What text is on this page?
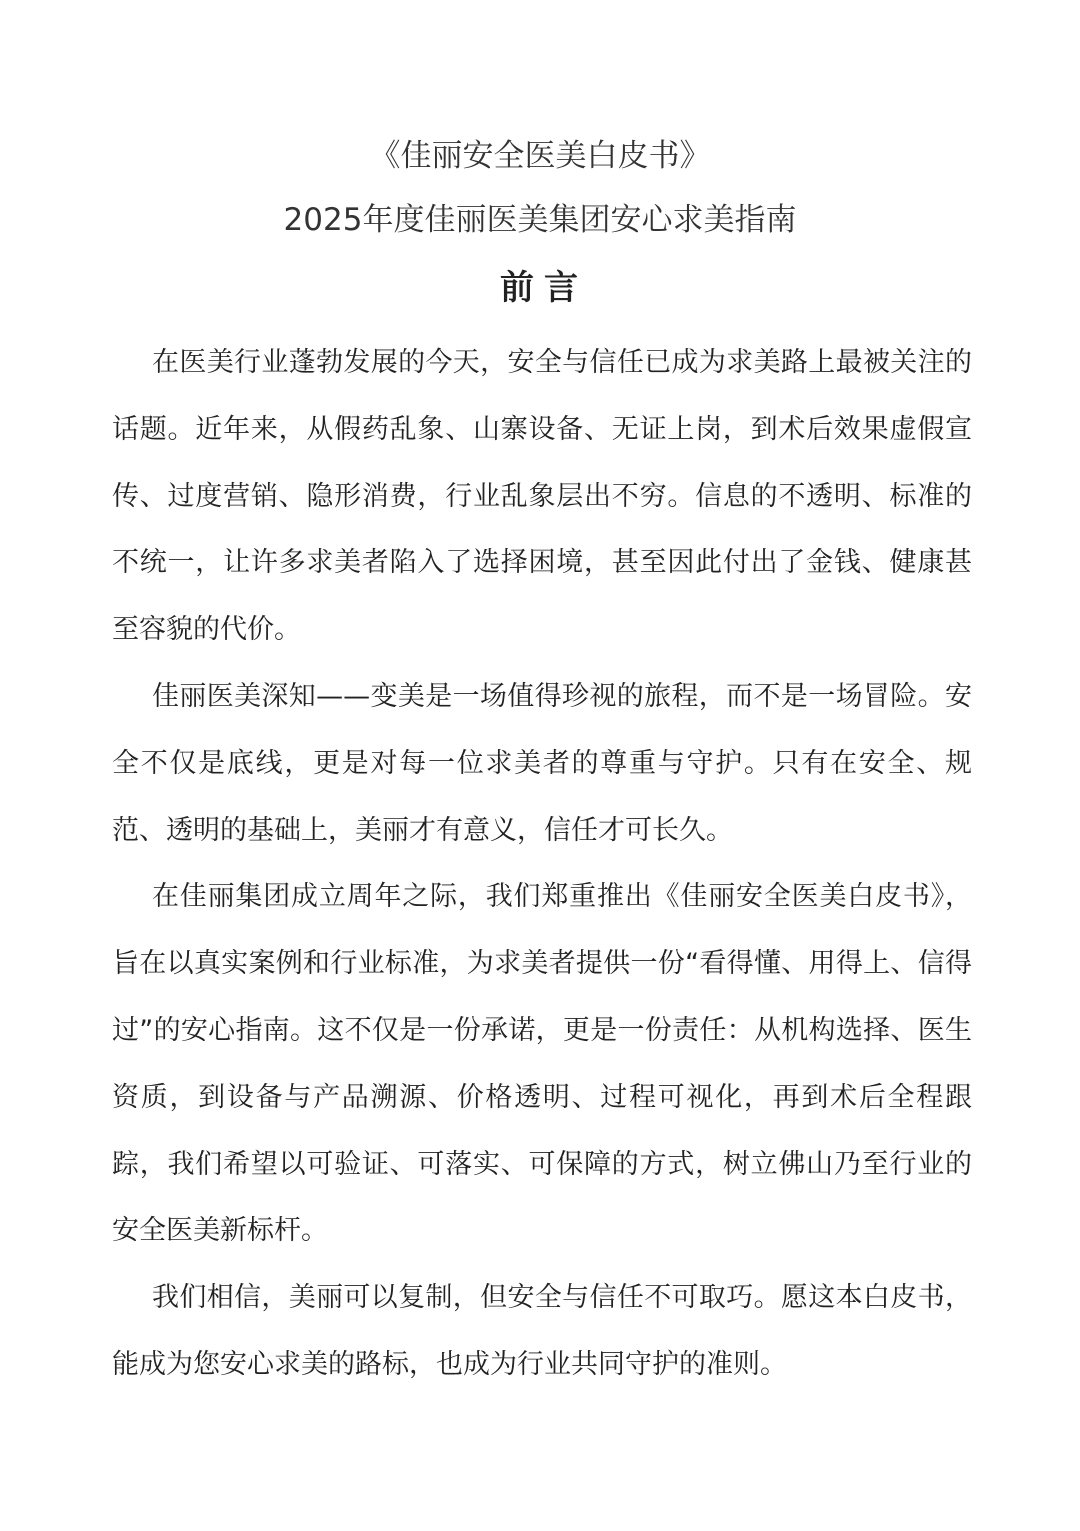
《佳丽安全医美白皮书》
2025年度佳丽医美集团安心求美指南
前言

在医美行业蓬勃发展的今天，安全与信任已成为求美路上最被关注的话题。近年来，从假药乱象、山寨设备、无证上岗，到术后效果虚假宣传、过度营销、隐形消费，行业乱象层出不穷。信息的不透明、标准的不统一，让许多求美者陷入了选择困境，甚至因此付出了金钱、健康甚至容貌的代价。

佳丽医美深知——变美是一场值得珍视的旅程，而不是一场冒险。安全不仅是底线，更是对每一位求美者的尊重与守护。只有在安全、规范、透明的基础上，美丽才有意义，信任才可长久。

在佳丽集团成立周年之际，我们郑重推出《佳丽安全医美白皮书》，旨在以真实案例和行业标准，为求美者提供一份“看得懂、用得上、信得过”的安心指南。这不仅是一份承诺，更是一份责任：从机构选择、医生资质，到设备与产品溯源、价格透明、过程可视化，再到术后全程跟踪，我们希望以可验证、可落实、可保障的方式，树立佛山乃至行业的安全医美新标杆。

我们相信，美丽可以复制，但安全与信任不可取巧。愿这本白皮书，能成为您安心求美的路标，也成为行业共同守护的准则。
